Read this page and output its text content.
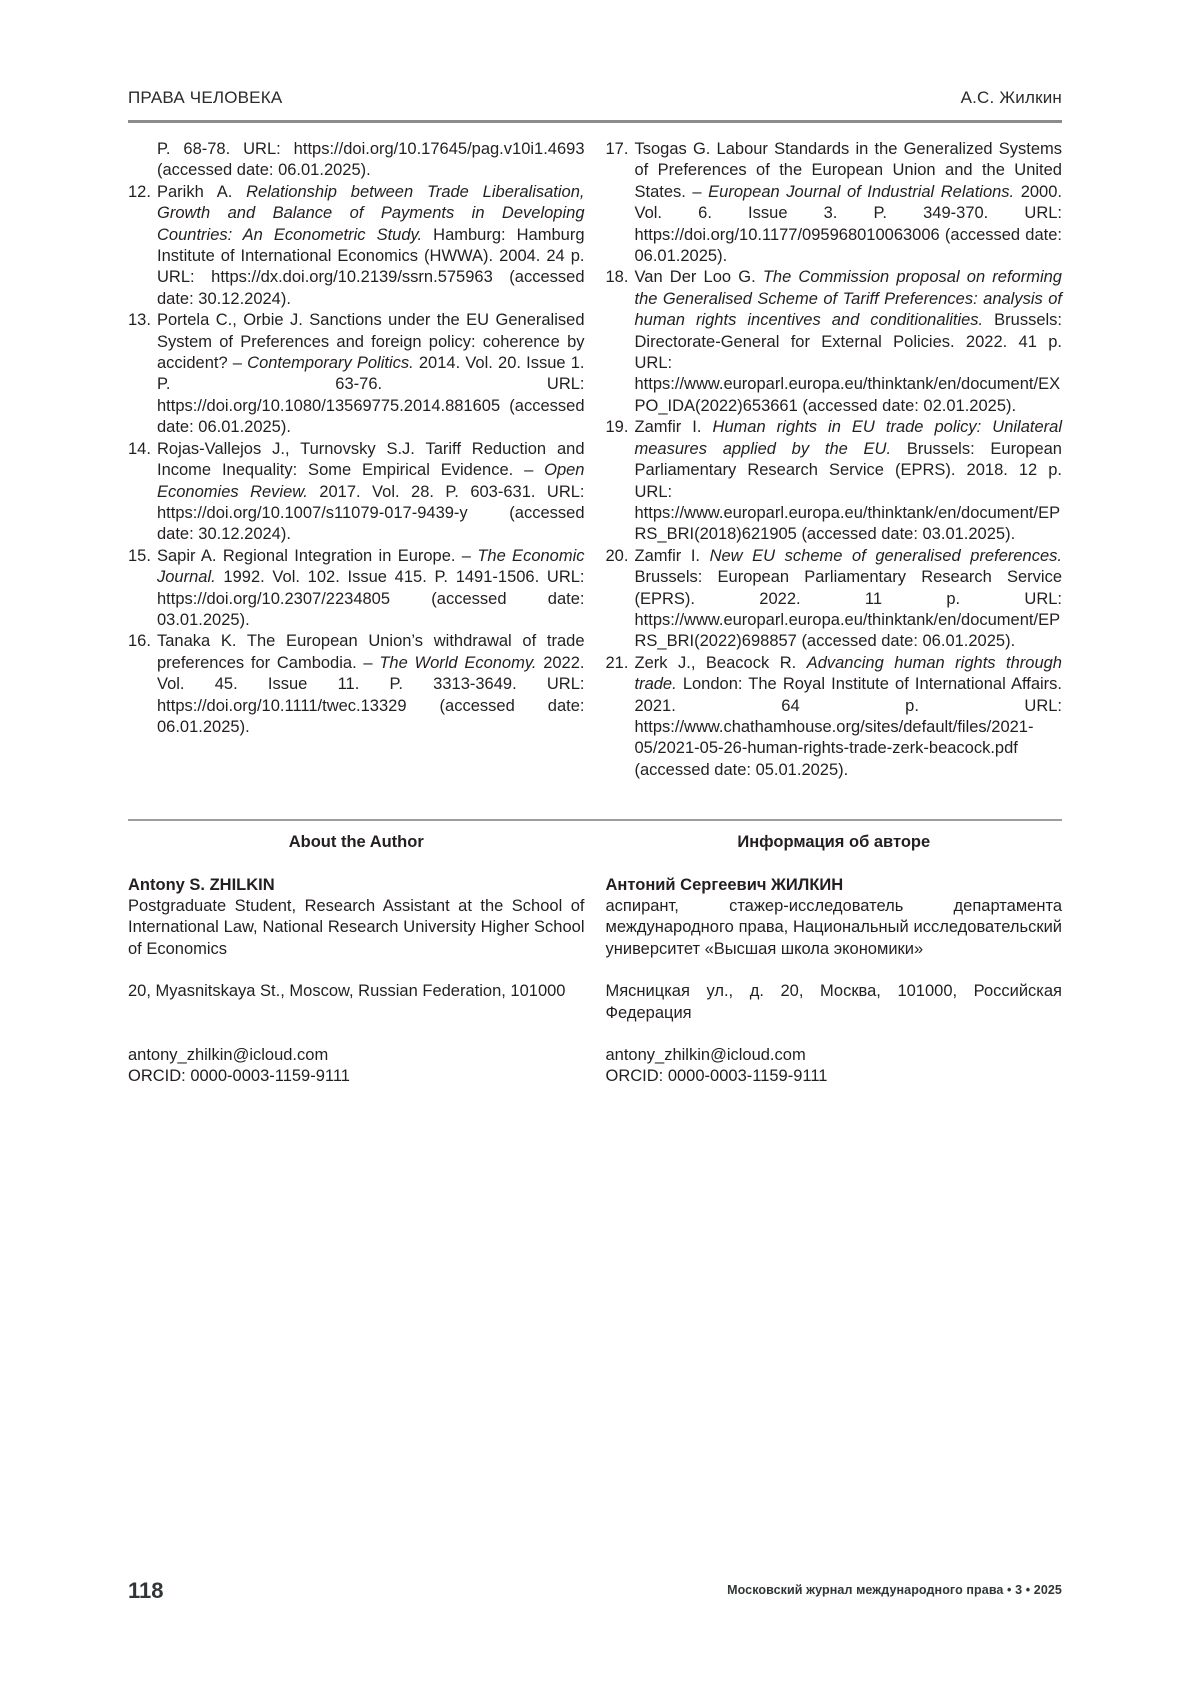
ПРАВА ЧЕЛОВЕКА	А.С. Жилкин

P. 68-78. URL: https://doi.org/10.17645/pag.v10i1.4693 (accessed date: 06.01.2025).

12. Parikh A. Relationship between Trade Liberalisation, Growth and Balance of Payments in Developing Countries: An Econometric Study. Hamburg: Hamburg Institute of International Economics (HWWA). 2004. 24 p. URL: https://dx.doi.org/10.2139/ssrn.575963 (accessed date: 30.12.2024).
13. Portela C., Orbie J. Sanctions under the EU Generalised System of Preferences and foreign policy: coherence by accident? – Contemporary Politics. 2014. Vol. 20. Issue 1. P. 63-76. URL: https://doi.org/10.1080/13569775.2014.881605 (accessed date: 06.01.2025).
14. Rojas-Vallejos J., Turnovsky S.J. Tariff Reduction and Income Inequality: Some Empirical Evidence. – Open Economies Review. 2017. Vol. 28. P. 603-631. URL: https://doi.org/10.1007/s11079-017-9439-y (accessed date: 30.12.2024).
15. Sapir A. Regional Integration in Europe. – The Economic Journal. 1992. Vol. 102. Issue 415. P. 1491-1506. URL: https://doi.org/10.2307/2234805 (accessed date: 03.01.2025).
16. Tanaka K. The European Union’s withdrawal of trade preferences for Cambodia. – The World Economy. 2022. Vol. 45. Issue 11. P. 3313-3649. URL: https://doi.org/10.1111/twec.13329 (accessed date: 06.01.2025).
17. Tsogas G. Labour Standards in the Generalized Systems of Preferences of the European Union and the United States. – European Journal of Industrial Relations. 2000. Vol. 6. Issue 3. P. 349-370. URL: https://doi.org/10.1177/095968010063006 (accessed date: 06.01.2025).
18. Van Der Loo G. The Commission proposal on reforming the Generalised Scheme of Tariff Preferences: analysis of human rights incentives and conditionalities. Brussels: Directorate-General for External Policies. 2022. 41 p. URL: https://www.europarl.europa.eu/thinktank/en/document/EXPO_IDA(2022)653661 (accessed date: 02.01.2025).
19. Zamfir I. Human rights in EU trade policy: Unilateral measures applied by the EU. Brussels: European Parliamentary Research Service (EPRS). 2018. 12 p. URL: https://www.europarl.europa.eu/thinktank/en/document/EPRS_BRI(2018)621905 (accessed date: 03.01.2025).
20. Zamfir I. New EU scheme of generalised preferences. Brussels: European Parliamentary Research Service (EPRS). 2022. 11 p. URL: https://www.europarl.europa.eu/thinktank/en/document/EPRS_BRI(2022)698857 (accessed date: 06.01.2025).
21. Zerk J., Beacock R. Advancing human rights through trade. London: The Royal Institute of International Affairs. 2021. 64 p. URL: https://www.chathamhouse.org/sites/default/files/2021-05/2021-05-26-human-rights-trade-zerk-beacock.pdf (accessed date: 05.01.2025).
About the Author	Информация об авторе
Antony S. ZHILKIN
Postgraduate Student, Research Assistant at the School of International Law, National Research University Higher School of Economics
Антоний Сергеевич ЖИЛКИН
аспирант, стажер-исследователь департамента международного права, Национальный исследовательский университет «Высшая школа экономики»
20, Myasnitskaya St., Moscow, Russian Federation, 101000	Мясницкая ул., д. 20, Москва, 101000, Российская Федерация
antony_zhilkin@icloud.com
ORCID: 0000-0003-1159-9111
antony_zhilkin@icloud.com
ORCID: 0000-0003-1159-9111
118	Московский журнал международного права • 3 • 2025
